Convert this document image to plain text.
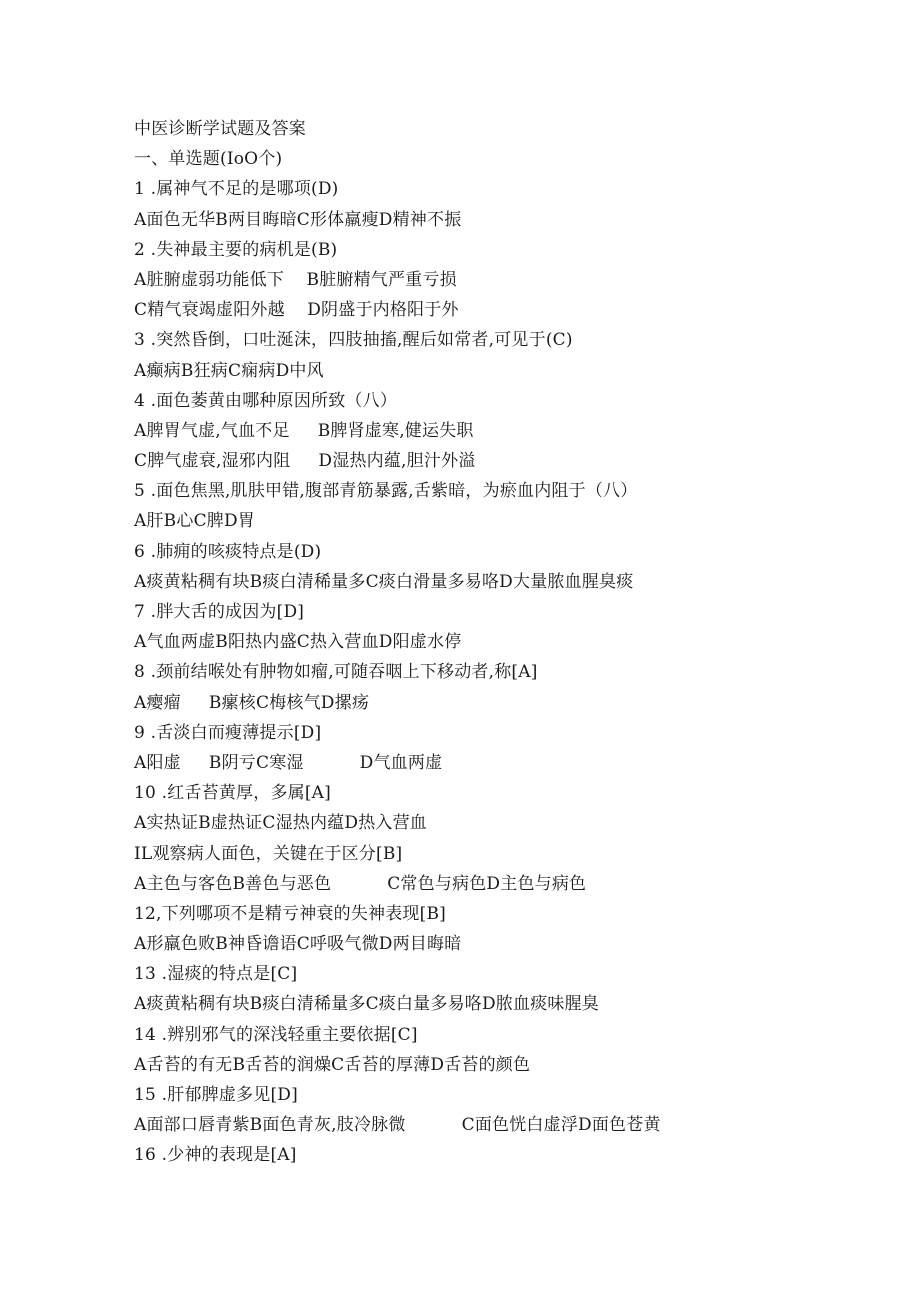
中医诊断学试题及答案
一、单选题(IoO个)
1 .属神气不足的是哪项(D)
A面色无华B两目晦暗C形体羸瘦D精神不振
2 .失神最主要的病机是(B)
A脏腑虚弱功能低下    B脏腑精气严重亏损
C精气衰竭虚阳外越    D阴盛于内格阳于外
3 .突然昏倒，口吐涎沫，四肢抽搐,醒后如常者,可见于(C)
A癫病B狂病C痫病D中风
4 .面色萎黄由哪种原因所致（八）
A脾胃气虚,气血不足     B脾肾虚寒,健运失职
C脾气虚衰,湿邪内阻     D湿热内蕴,胆汁外溢
5 .面色焦黑,肌肤甲错,腹部青筋暴露,舌紫暗，为瘀血内阻于（八）
A肝B心C脾D胃
6 .肺痈的咳痰特点是(D)
A痰黄粘稠有块B痰白清稀量多C痰白滑量多易咯D大量脓血腥臭痰
7 .胖大舌的成因为[D]
A气血两虚B阳热内盛C热入营血D阳虚水停
8 .颈前结喉处有肿物如瘤,可随吞咽上下移动者,称[A]
A瘿瘤     B瘰核C梅核气D摞疡
9 .舌淡白而瘦薄提示[D]
A阳虚     B阴亏C寒湿          D气血两虚
10 .红舌苔黄厚，多属[A]
A实热证B虚热证C湿热内蕴D热入营血
IL观察病人面色，关键在于区分[B]
A主色与客色B善色与恶色          C常色与病色D主色与病色
12,下列哪项不是精亏神衰的失神表现[B]
A形羸色败B神昏谵语C呼吸气微D两目晦暗
13 .湿痰的特点是[C]
A痰黄粘稠有块B痰白清稀量多C痰白量多易咯D脓血痰味腥臭
14 .辨别邪气的深浅轻重主要依据[C]
A舌苔的有无B舌苔的润燥C舌苔的厚薄D舌苔的颜色
15 .肝郁脾虚多见[D]
A面部口唇青紫B面色青灰,肢冷脉微          C面色恍白虚浮D面色苍黄
16 .少神的表现是[A]
